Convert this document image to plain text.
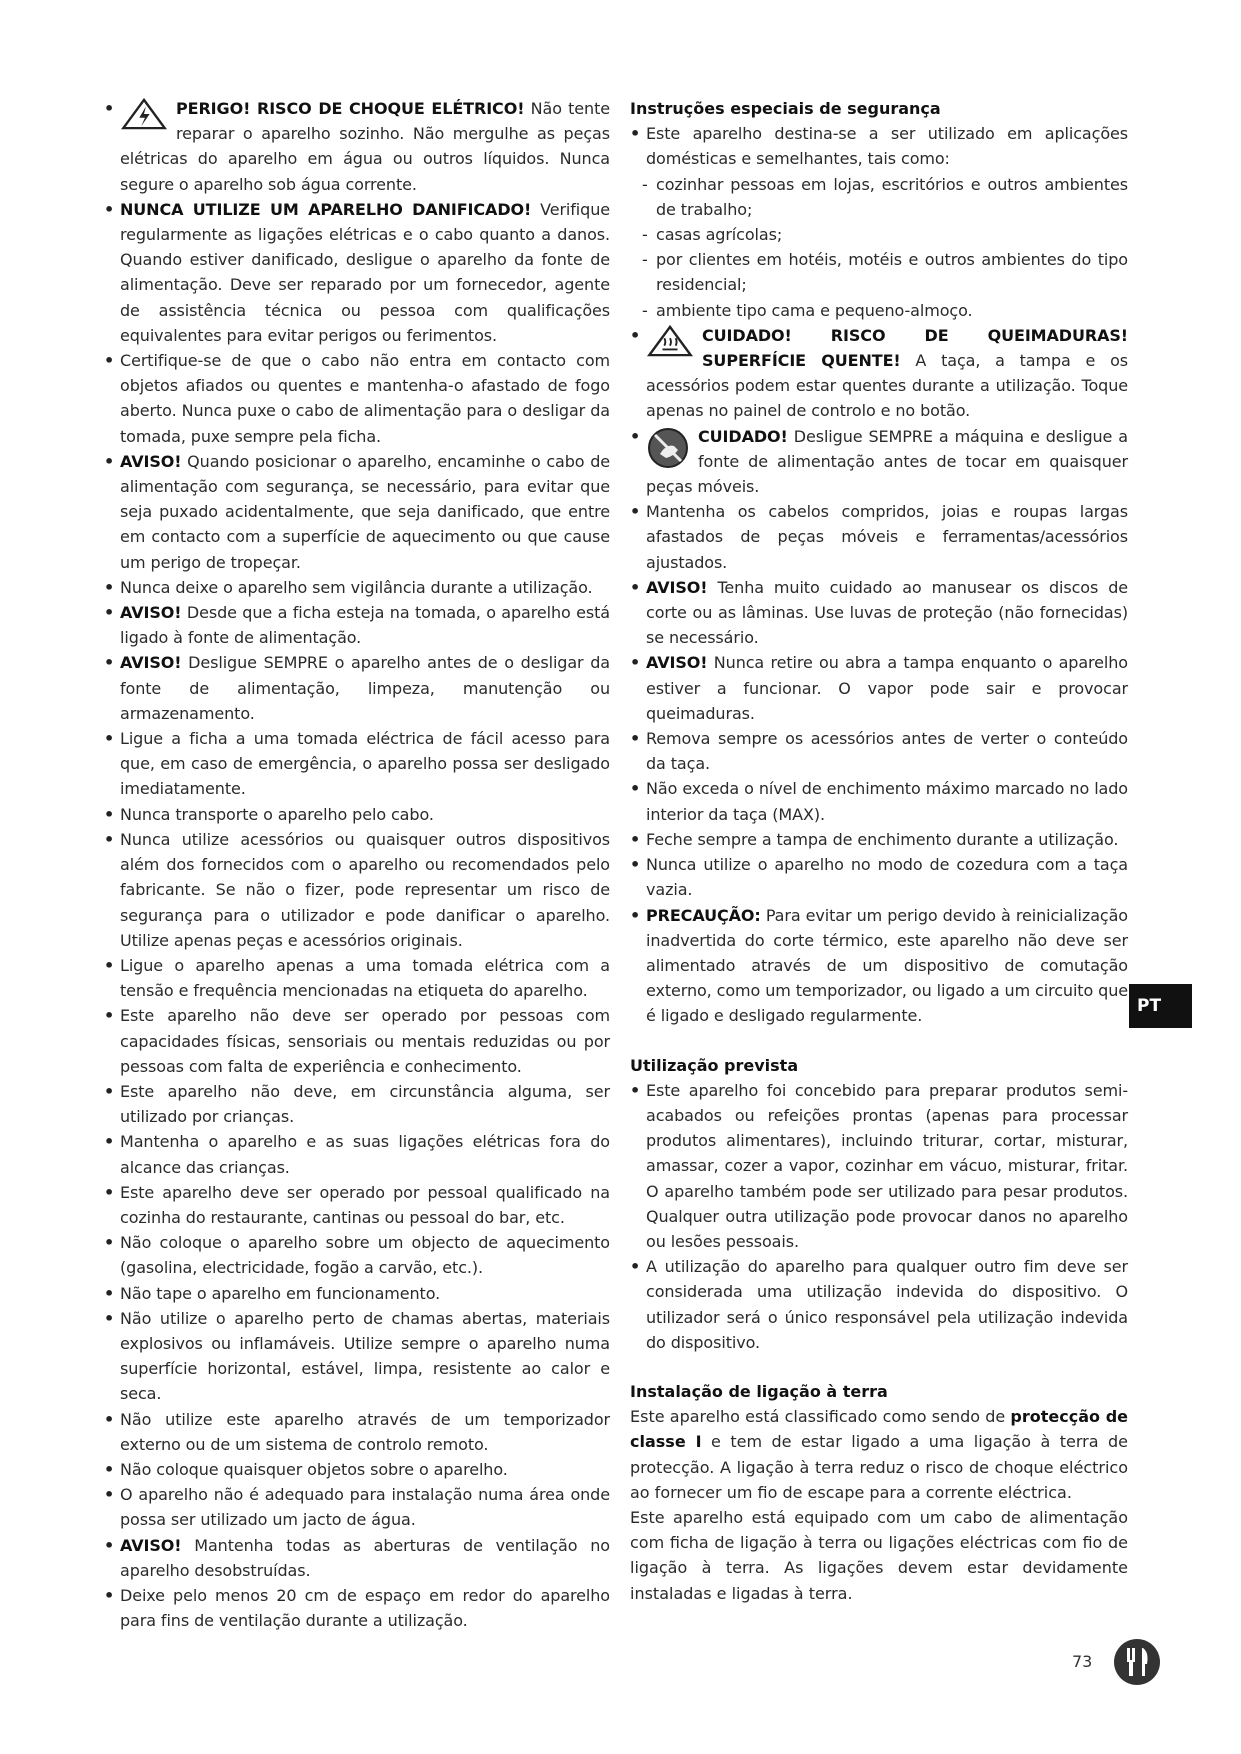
• PERIGO! RISCO DE CHOQUE ELÉTRICO! Não tente reparar o aparelho sozinho. Não mergulhe as peças elétricas do aparelho em água ou outros líquidos. Nunca segure o aparelho sob água corrente.
• NUNCA UTILIZE UM APARELHO DANIFICADO! Verifique regularmente as ligações elétricas e o cabo quanto a danos. Quando estiver danificado, desligue o aparelho da fonte de alimentação. Deve ser reparado por um fornecedor, agente de assistência técnica ou pessoa com qualificações equivalentes para evitar perigos ou ferimentos.
• Certifique-se de que o cabo não entra em contacto com objetos afiados ou quentes e mantenha-o afastado de fogo aberto. Nunca puxe o cabo de alimentação para o desligar da tomada, puxe sempre pela ficha.
• AVISO! Quando posicionar o aparelho, encaminhe o cabo de alimentação com segurança, se necessário, para evitar que seja puxado acidentalmente, que seja danificado, que entre em contacto com a superfície de aquecimento ou que cause um perigo de tropeçar.
• Nunca deixe o aparelho sem vigilância durante a utilização.
• AVISO! Desde que a ficha esteja na tomada, o aparelho está ligado à fonte de alimentação.
• AVISO! Desligue SEMPRE o aparelho antes de o desligar da fonte de alimentação, limpeza, manutenção ou armazenamento.
• Ligue a ficha a uma tomada eléctrica de fácil acesso para que, em caso de emergência, o aparelho possa ser desligado imediatamente.
• Nunca transporte o aparelho pelo cabo.
• Nunca utilize acessórios ou quaisquer outros dispositivos além dos fornecidos com o aparelho ou recomendados pelo fabricante. Se não o fizer, pode representar um risco de segurança para o utilizador e pode danificar o aparelho. Utilize apenas peças e acessórios originais.
• Ligue o aparelho apenas a uma tomada elétrica com a tensão e frequência mencionadas na etiqueta do aparelho.
• Este aparelho não deve ser operado por pessoas com capacidades físicas, sensoriais ou mentais reduzidas ou por pessoas com falta de experiência e conhecimento.
• Este aparelho não deve, em circunstância alguma, ser utilizado por crianças.
• Mantenha o aparelho e as suas ligações elétricas fora do alcance das crianças.
• Este aparelho deve ser operado por pessoal qualificado na cozinha do restaurante, cantinas ou pessoal do bar, etc.
• Não coloque o aparelho sobre um objecto de aquecimento (gasolina, electricidade, fogão a carvão, etc.).
• Não tape o aparelho em funcionamento.
• Não utilize o aparelho perto de chamas abertas, materiais explosivos ou inflamáveis. Utilize sempre o aparelho numa superfície horizontal, estável, limpa, resistente ao calor e seca.
• Não utilize este aparelho através de um temporizador externo ou de um sistema de controlo remoto.
• Não coloque quaisquer objetos sobre o aparelho.
• O aparelho não é adequado para instalação numa área onde possa ser utilizado um jacto de água.
• AVISO! Mantenha todas as aberturas de ventilação no aparelho desobstruídas.
• Deixe pelo menos 20 cm de espaço em redor do aparelho para fins de ventilação durante a utilização.

Instruções especiais de segurança

• Este aparelho destina-se a ser utilizado em aplicações domésticas e semelhantes, tais como:
- cozinhar pessoas em lojas, escritórios e outros ambientes de trabalho;
- casas agrícolas;
- por clientes em hotéis, motéis e outros ambientes do tipo residencial;
- ambiente tipo cama e pequeno-almoço.
• CUIDADO! RISCO DE QUEIMADURAS! SUPERFÍCIE QUENTE! A taça, a tampa e os acessórios podem estar quentes durante a utilização. Toque apenas no painel de controlo e no botão.
• CUIDADO! Desligue SEMPRE a máquina e desligue a fonte de alimentação antes de tocar em quaisquer peças móveis.
• Mantenha os cabelos compridos, joias e roupas largas afastados de peças móveis e ferramentas/acessórios ajustados.
• AVISO! Tenha muito cuidado ao manusear os discos de corte ou as lâminas. Use luvas de proteção (não fornecidas) se necessário.
• AVISO! Nunca retire ou abra a tampa enquanto o aparelho estiver a funcionar. O vapor pode sair e provocar queimaduras.
• Remova sempre os acessórios antes de verter o conteúdo da taça.
• Não exceda o nível de enchimento máximo marcado no lado interior da taça (MAX).
• Feche sempre a tampa de enchimento durante a utilização.
• Nunca utilize o aparelho no modo de cozedura com a taça vazia.
• PRECAUÇÃO: Para evitar um perigo devido à reinicialização inadvertida do corte térmico, este aparelho não deve ser alimentado através de um dispositivo de comutação externo, como um temporizador, ou ligado a um circuito que é ligado e desligado regularmente.

Utilização prevista

• Este aparelho foi concebido para preparar produtos semi-acabados ou refeições prontas (apenas para processar produtos alimentares), incluindo triturar, cortar, misturar, amassar, cozer a vapor, cozinhar em vácuo, misturar, fritar. O aparelho também pode ser utilizado para pesar produtos. Qualquer outra utilização pode provocar danos no aparelho ou lesões pessoais.
• A utilização do aparelho para qualquer outro fim deve ser considerada uma utilização indevida do dispositivo. O utilizador será o único responsável pela utilização indevida do dispositivo.

Instalação de ligação à terra

Este aparelho está classificado como sendo de protecção de classe I e tem de estar ligado a uma ligação à terra de protecção. A ligação à terra reduz o risco de choque eléctrico ao fornecer um fio de escape para a corrente eléctrica.

Este aparelho está equipado com um cabo de alimentação com ficha de ligação à terra ou ligações eléctricas com fio de ligação à terra. As ligações devem estar devidamente instaladas e ligadas à terra.

PT
73
